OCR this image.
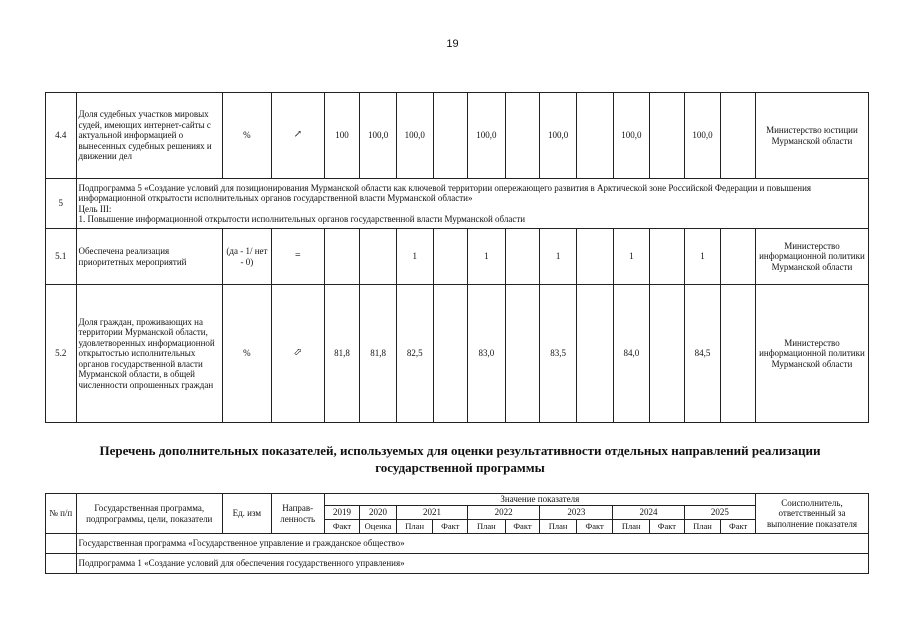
19
4.4	Доля судебных участков мировых судей, имеющих интернет-сайты с актуальной информацией о вынесенных судебных решениях и движении дел	%	↗	100	100,0	100,0		100,0		100,0		100,0		100,0		Министерство юстиции Мурманской области
5	Подпрограмма 5 «Создание условий для позиционирования Мурманской области как ключевой территории опережающего развития в Арктической зоне Российской Федерации и повышения информационной открытости исполнительных органов государственной власти Мурманской области»
Цель III:
1. Повышение информационной открытости исполнительных органов государственной власти Мурманской области															

5.1	Обеспечена реализация приоритетных мероприятий	(да - 1/ нет - 0)	=			1		1		1		1		1		Министерство информационной политики Мурманской области
5.2	Доля граждан, проживающих на территории Мурманской области, удовлетворенных информационной открытостью исполнительных органов государственной власти Мурманской области, в общей численности опрошенных граждан	%	⬀	81,8	81,8	82,5		83,0		83,5		84,0		84,5		Министерство информационной политики Мурманской области
Перечень дополнительных показателей, используемых для оценки результативности отдельных направлений реализации государственной программы
№ п/п	Государственная программа, подпрограммы, цели, показатели	Ед. изм	Направ-ленность	Значение показателя												Соисполнитель, ответственный за выполнение показателя
				2019	2020	2021		2022		2023		2024		2025		
				Факт	Оценка	План	Факт	План	Факт	План	Факт	План	Факт	План	Факт	
	Государственная программа «Государственное управление и гражданское общество»															
	Подпрограмма 1 «Создание условий для обеспечения государственного управления»															
